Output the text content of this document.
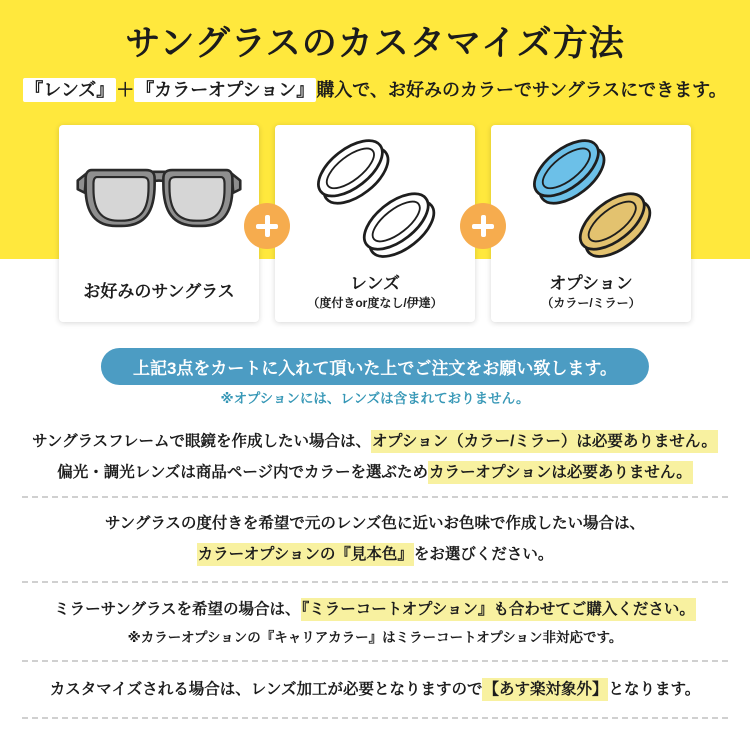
サングラスのカスタマイズ方法

『レンズ』 ＋ 『カラーオプション』 購入で、お好みのカラーでサングラスにできます。

お好みのサングラス	レンズ
（度付きor度なし/伊達）
オプション
（カラー/ミラー）
上記3点をカートに入れて頂いた上でご注文をお願い致します。
※オプションには、レンズは含まれておりません。

サングラスフレームで眼鏡を作成したい場合は、オプション（カラー/ミラー）は必要ありません。

偏光・調光レンズは商品ページ内でカラーを選ぶためカラーオプションは必要ありません。

サングラスの度付きを希望で元のレンズ色に近いお色味で作成したい場合は、

カラーオプションの『見本色』をお選びください。

ミラーサングラスを希望の場合は、『ミラーコートオプション』も合わせてご購入ください。

※カラーオプションの『キャリアカラー』はミラーコートオプション非対応です。

カスタマイズされる場合は、レンズ加工が必要となりますので【あす楽対象外】となります。
